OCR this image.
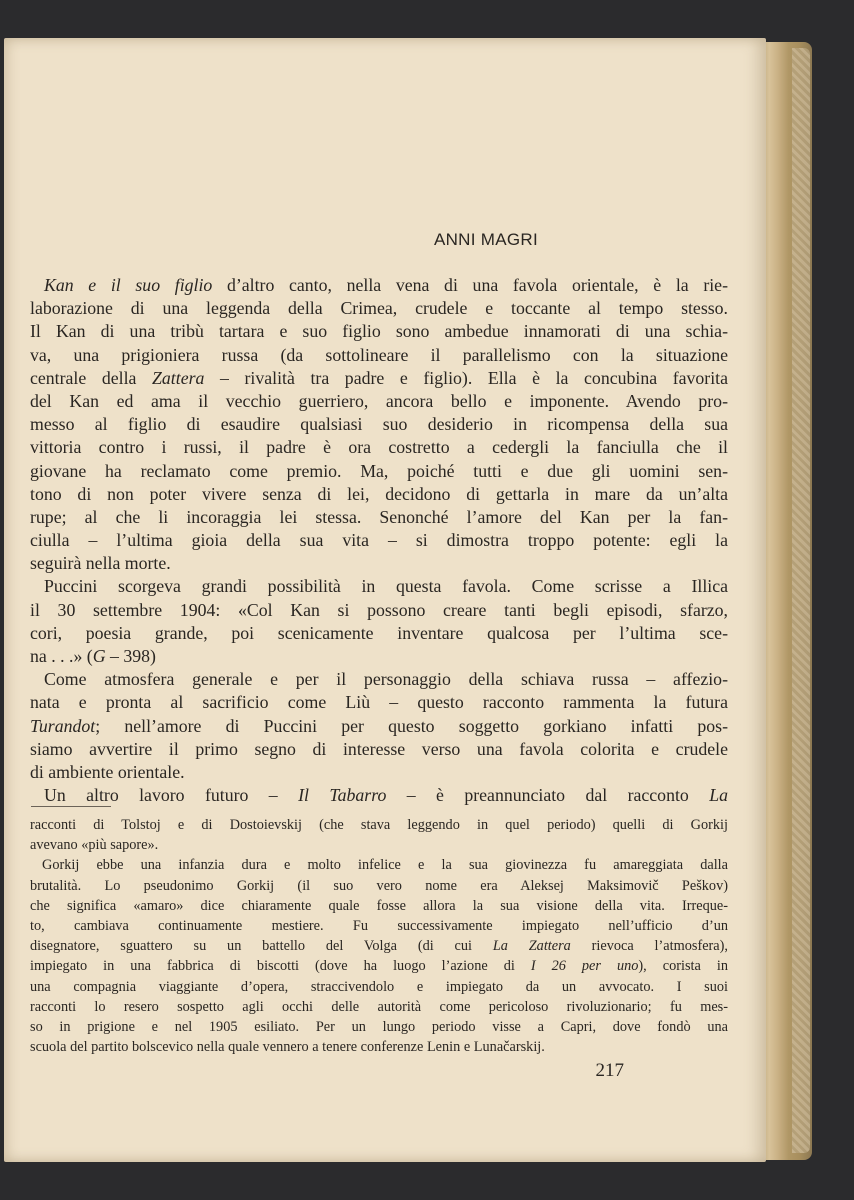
ANNI MAGRI
Kan e il suo figlio d’altro canto, nella vena di una favola orientale, è la rie-
laborazione di una leggenda della Crimea, crudele e toccante al tempo stesso.
Il Kan di una tribù tartara e suo figlio sono ambedue innamorati di una schia-
va, una prigioniera russa (da sottolineare il parallelismo con la situazione
centrale della Zattera – rivalità tra padre e figlio). Ella è la concubina favorita
del Kan ed ama il vecchio guerriero, ancora bello e imponente. Avendo pro-
messo al figlio di esaudire qualsiasi suo desiderio in ricompensa della sua
vittoria contro i russi, il padre è ora costretto a cedergli la fanciulla che il
giovane ha reclamato come premio. Ma, poiché tutti e due gli uomini sen-
tono di non poter vivere senza di lei, decidono di gettarla in mare da un’alta
rupe; al che li incoraggia lei stessa. Senonché l’amore del Kan per la fan-
ciulla – l’ultima gioia della sua vita – si dimostra troppo potente: egli la
seguirà nella morte.
Puccini scorgeva grandi possibilità in questa favola. Come scrisse a Illica
il 30 settembre 1904: «Col Kan si possono creare tanti begli episodi, sfarzo,
cori, poesia grande, poi scenicamente inventare qualcosa per l’ultima sce-
na . . .» (G – 398)
Come atmosfera generale e per il personaggio della schiava russa – affezio-
nata e pronta al sacrificio come Liù – questo racconto rammenta la futura
Turandot; nell’amore di Puccini per questo soggetto gorkiano infatti pos-
siamo avvertire il primo segno di interesse verso una favola colorita e crudele
di ambiente orientale.
Un altro lavoro futuro – Il Tabarro – è preannunciato dal racconto La
racconti di Tolstoj e di Dostoievskij (che stava leggendo in quel periodo) quelli di Gorkij
avevano «più sapore».
Gorkij ebbe una infanzia dura e molto infelice e la sua giovinezza fu amareggiata dalla
brutalità. Lo pseudonimo Gorkij (il suo vero nome era Aleksej Maksimovič Peškov)
che significa «amaro» dice chiaramente quale fosse allora la sua visione della vita. Irreque-
to, cambiava continuamente mestiere. Fu successivamente impiegato nell’ufficio d’un
disegnatore, sguattero su un battello del Volga (di cui La Zattera rievoca l’atmosfera),
impiegato in una fabbrica di biscotti (dove ha luogo l’azione di I 26 per uno), corista in
una compagnia viaggiante d’opera, straccivendolo e impiegato da un avvocato. I suoi
racconti lo resero sospetto agli occhi delle autorità come pericoloso rivoluzionario; fu mes-
so in prigione e nel 1905 esiliato. Per un lungo periodo visse a Capri, dove fondò una
scuola del partito bolscevico nella quale vennero a tenere conferenze Lenin e Lunačarskij.
217
